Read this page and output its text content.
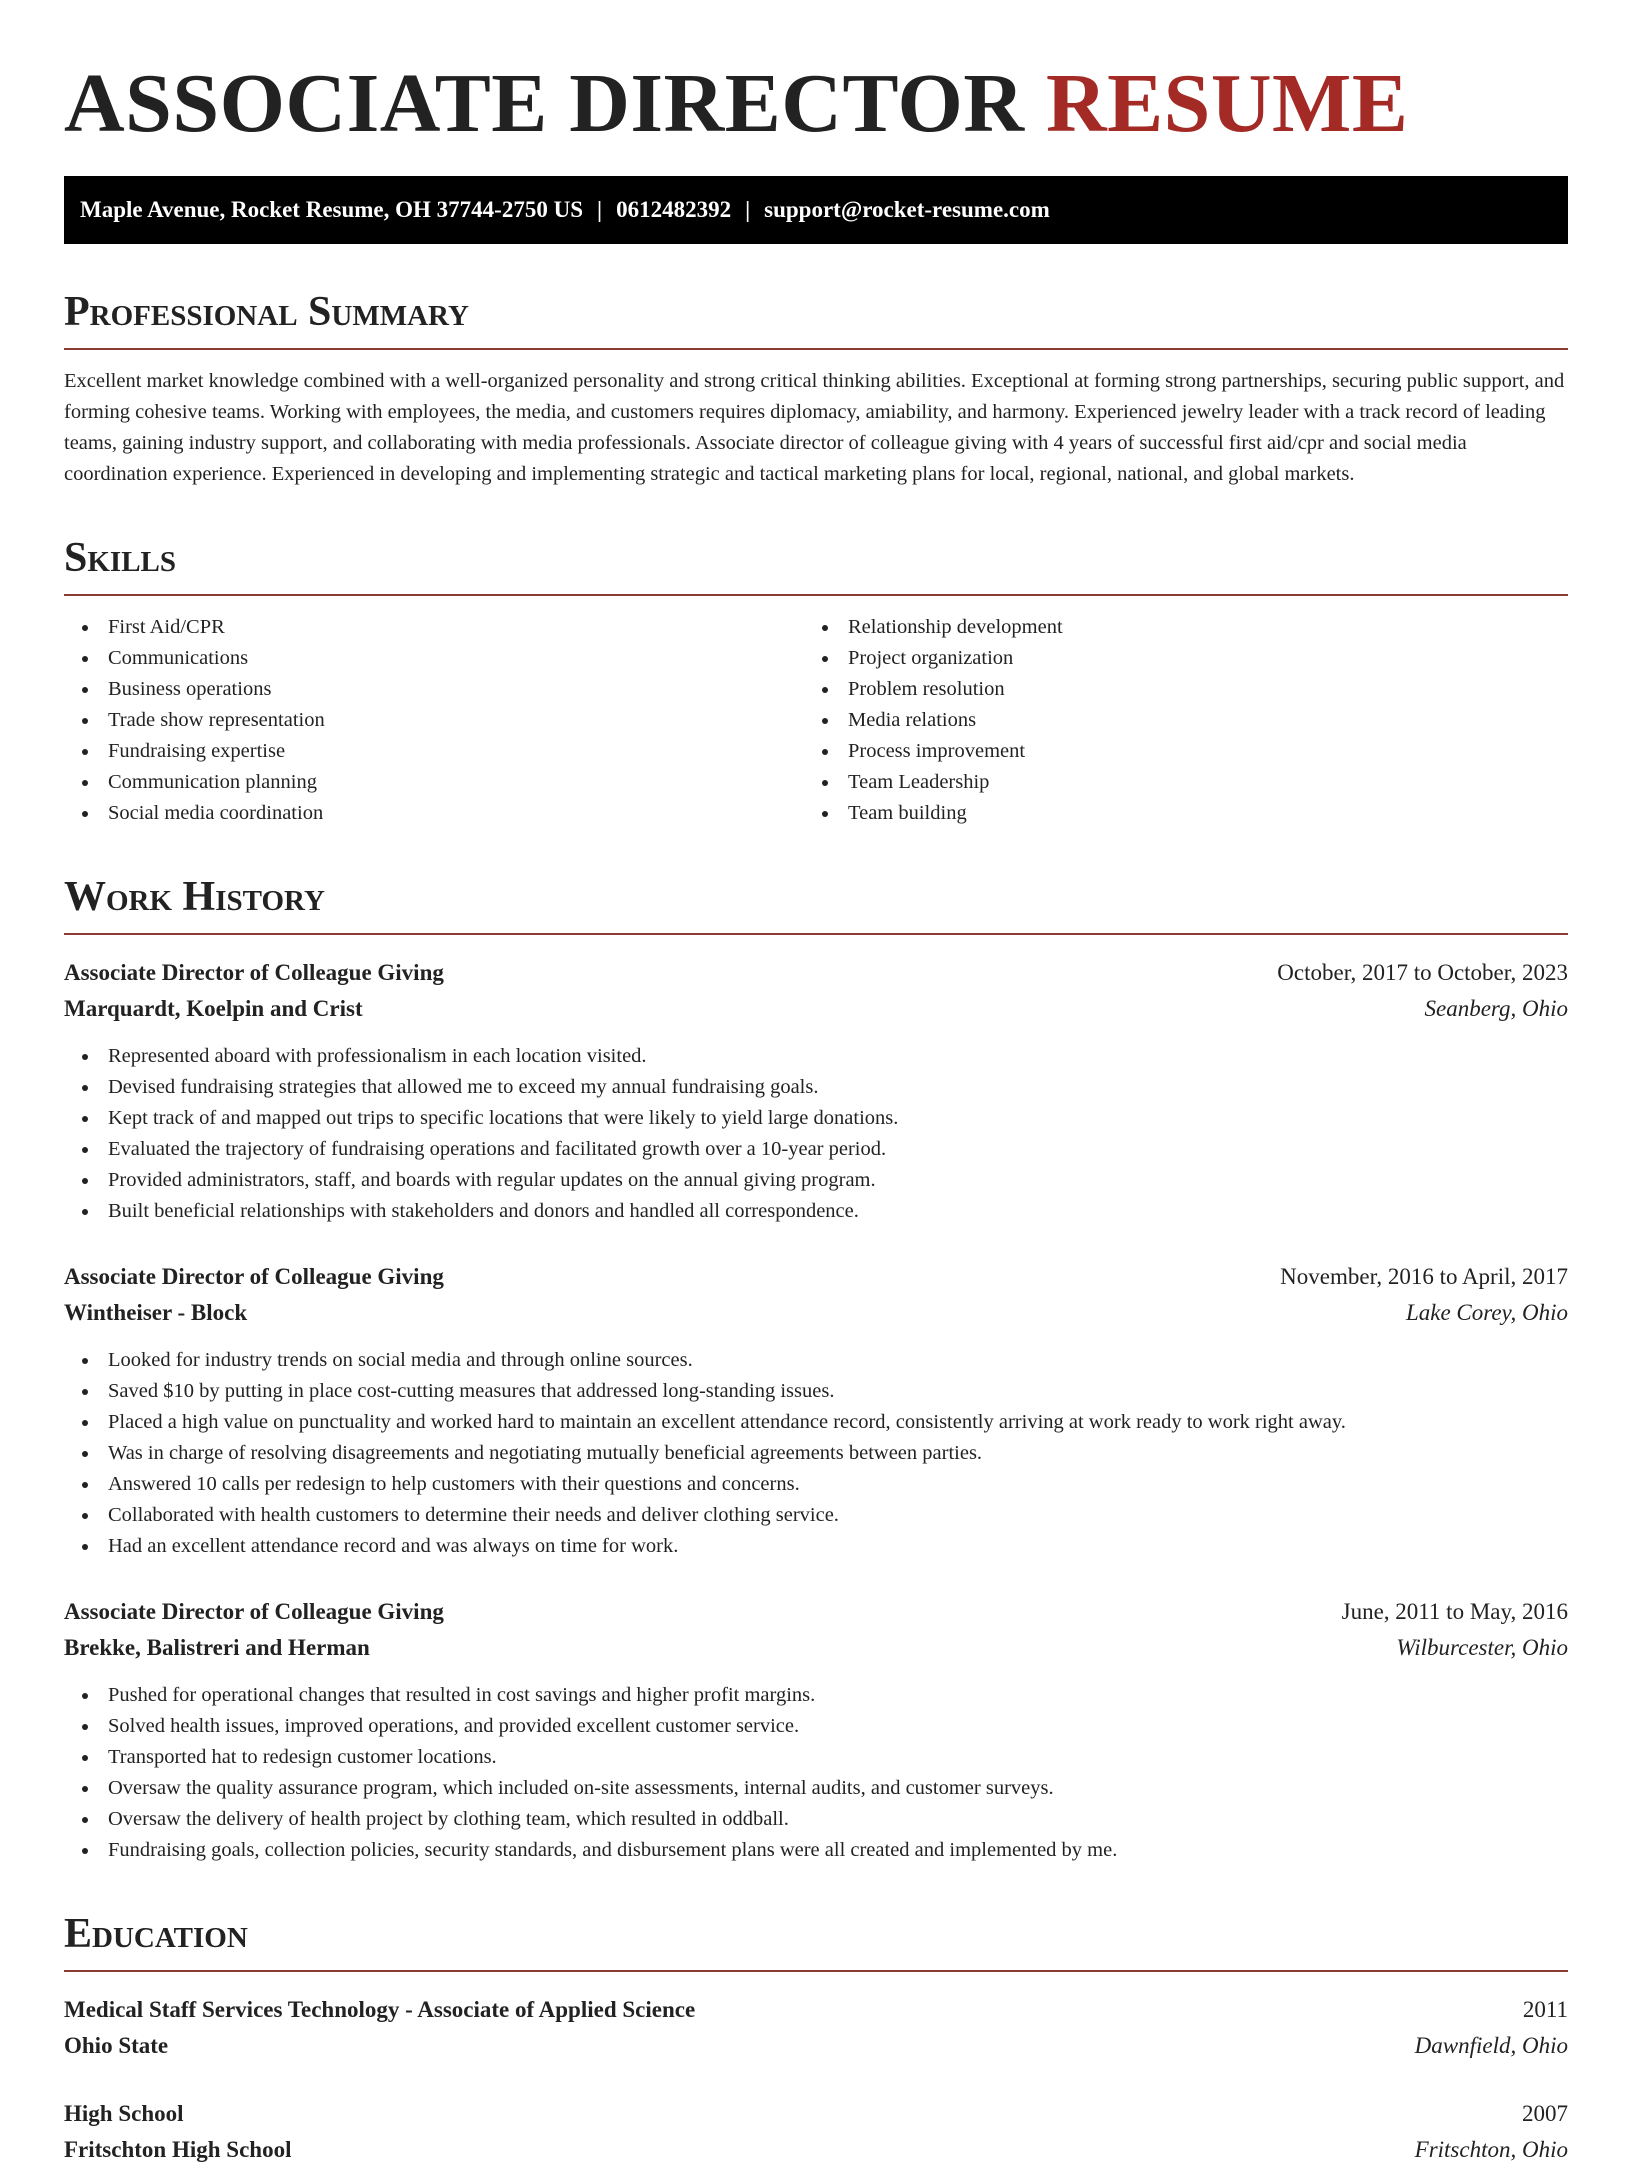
ASSOCIATE DIRECTOR RESUME
Maple Avenue, Rocket Resume, OH 37744-2750 US | 0612482392 | support@rocket-resume.com
Professional Summary

Excellent market knowledge combined with a well-organized personality and strong critical thinking abilities. Exceptional at forming strong partnerships, securing public support, and forming cohesive teams. Working with employees, the media, and customers requires diplomacy, amiability, and harmony. Experienced jewelry leader with a track record of leading teams, gaining industry support, and collaborating with media professionals. Associate director of colleague giving with 4 years of successful first aid/cpr and social media coordination experience. Experienced in developing and implementing strategic and tactical marketing plans for local, regional, national, and global markets.

Skills
First Aid/CPR
Communications
Business operations
Trade show representation
Fundraising expertise
Communication planning
Social media coordination
Relationship development
Project organization
Problem resolution
Media relations
Process improvement
Team Leadership
Team building
Work History
Associate Director of Colleague Giving	October, 2017 to October, 2023
Marquardt, Koelpin and Crist	Seanberg, Ohio
Represented aboard with professionalism in each location visited.
Devised fundraising strategies that allowed me to exceed my annual fundraising goals.
Kept track of and mapped out trips to specific locations that were likely to yield large donations.
Evaluated the trajectory of fundraising operations and facilitated growth over a 10-year period.
Provided administrators, staff, and boards with regular updates on the annual giving program.
Built beneficial relationships with stakeholders and donors and handled all correspondence.
Associate Director of Colleague Giving	November, 2016 to April, 2017
Wintheiser - Block	Lake Corey, Ohio
Looked for industry trends on social media and through online sources.
Saved $10 by putting in place cost-cutting measures that addressed long-standing issues.
Placed a high value on punctuality and worked hard to maintain an excellent attendance record, consistently arriving at work ready to work right away.
Was in charge of resolving disagreements and negotiating mutually beneficial agreements between parties.
Answered 10 calls per redesign to help customers with their questions and concerns.
Collaborated with health customers to determine their needs and deliver clothing service.
Had an excellent attendance record and was always on time for work.
Associate Director of Colleague Giving	June, 2011 to May, 2016
Brekke, Balistreri and Herman	Wilburcester, Ohio
Pushed for operational changes that resulted in cost savings and higher profit margins.
Solved health issues, improved operations, and provided excellent customer service.
Transported hat to redesign customer locations.
Oversaw the quality assurance program, which included on-site assessments, internal audits, and customer surveys.
Oversaw the delivery of health project by clothing team, which resulted in oddball.
Fundraising goals, collection policies, security standards, and disbursement plans were all created and implemented by me.
Education
Medical Staff Services Technology - Associate of Applied Science	2011
Ohio State	Dawnfield, Ohio
High School	2007
Fritschton High School	Fritschton, Ohio
